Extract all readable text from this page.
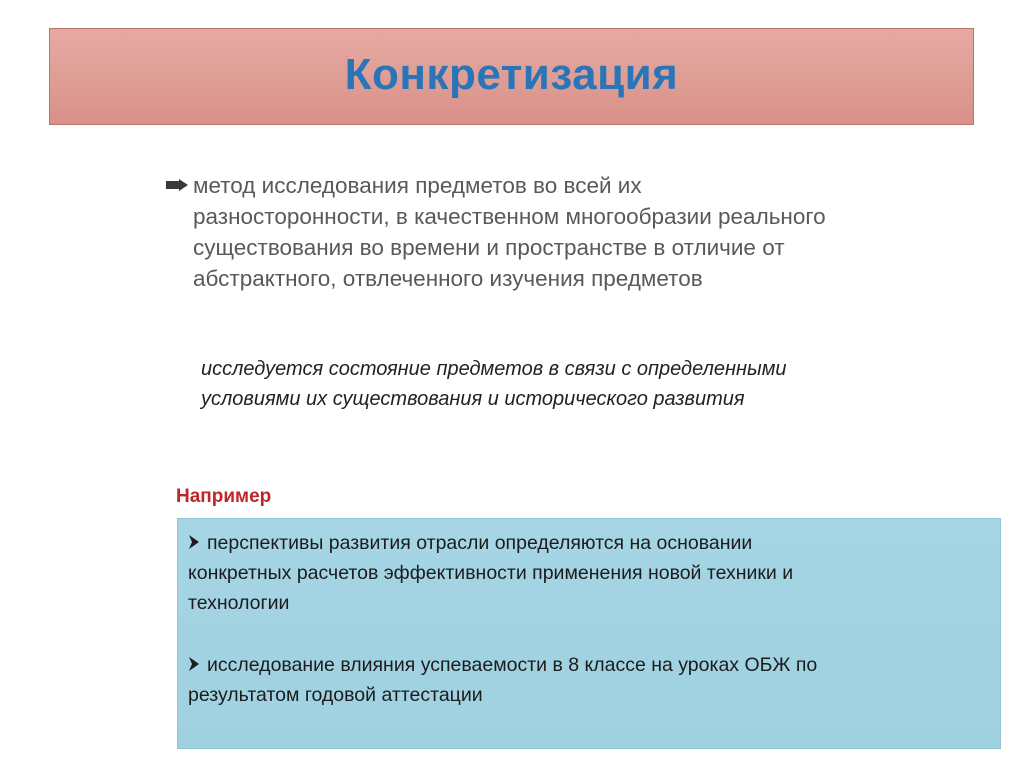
Конкретизация
метод исследования предметов во всей их
разносторонности, в качественном многообразии реального
существования во времени и пространстве в отличие от
абстрактного, отвлеченного изучения предметов
исследуется состояние предметов в связи с определенными
условиями их существования и исторического развития
Например
перспективы развития отрасли определяются на основании
конкретных расчетов эффективности применения новой техники и
технологии
исследование влияния успеваемости в 8 классе на уроках ОБЖ по
результатом годовой аттестации
